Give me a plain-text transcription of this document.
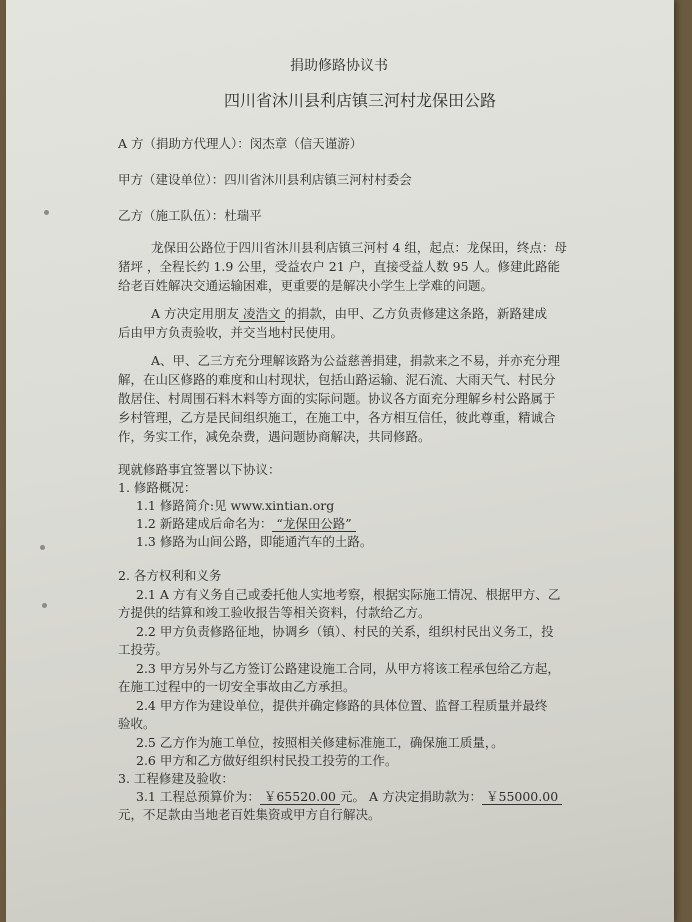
捐助修路协议书
四川省沐川县利店镇三河村龙保田公路
A 方（捐助方代理人）：闵杰章（信天谨游）
甲方（建设单位）：四川省沐川县利店镇三河村村委会
乙方（施工队伍）：杜瑞平
龙保田公路位于四川省沐川县利店镇三河村 4 组，起点：龙保田，终点：母
猪坪 ，全程长约 1.9 公里，受益农户 21 户，直接受益人数 95 人。修建此路能
给老百姓解决交通运输困难，更重要的是解决小学生上学难的问题。
A 方决定用朋友 凌浩文 的捐款，由甲、乙方负责修建这条路，新路建成
后由甲方负责验收，并交当地村民使用。
A、甲、乙三方充分理解该路为公益慈善捐建，捐款来之不易，并亦充分理
解，在山区修路的难度和山村现状，包括山路运输、泥石流、大雨天气、村民分
散居住、村周围石料木料等方面的实际问题。协议各方面充分理解乡村公路属于
乡村管理，乙方是民间组织施工，在施工中，各方相互信任，彼此尊重，精诚合
作，务实工作，减免杂费，遇问题协商解决，共同修路。
现就修路事宜签署以下协议：
1. 修路概况：
1.1 修路简介:见 www.xintian.org
1.2 新路建成后命名为： “龙保田公路”
1.3 修路为山间公路，即能通汽车的土路。
2. 各方权利和义务
2.1 A 方有义务自己或委托他人实地考察，根据实际施工情况、根据甲方、乙
方提供的结算和竣工验收报告等相关资料，付款给乙方。
2.2 甲方负责修路征地，协调乡（镇）、村民的关系，组织村民出义务工，投
工投劳。
2.3 甲方另外与乙方签订公路建设施工合同，从甲方将该工程承包给乙方起，
在施工过程中的一切安全事故由乙方承担。
2.4 甲方作为建设单位，提供并确定修路的具体位置、监督工程质量并最终
验收。
2.5 乙方作为施工单位，按照相关修建标准施工，确保施工质量，。
2.6 甲方和乙方做好组织村民投工投劳的工作。
3. 工程修建及验收：
3.1 工程总预算价为： ￥65520.00 元。 A 方决定捐助款为： ￥55000.00
元，不足款由当地老百姓集资或甲方自行解决。
